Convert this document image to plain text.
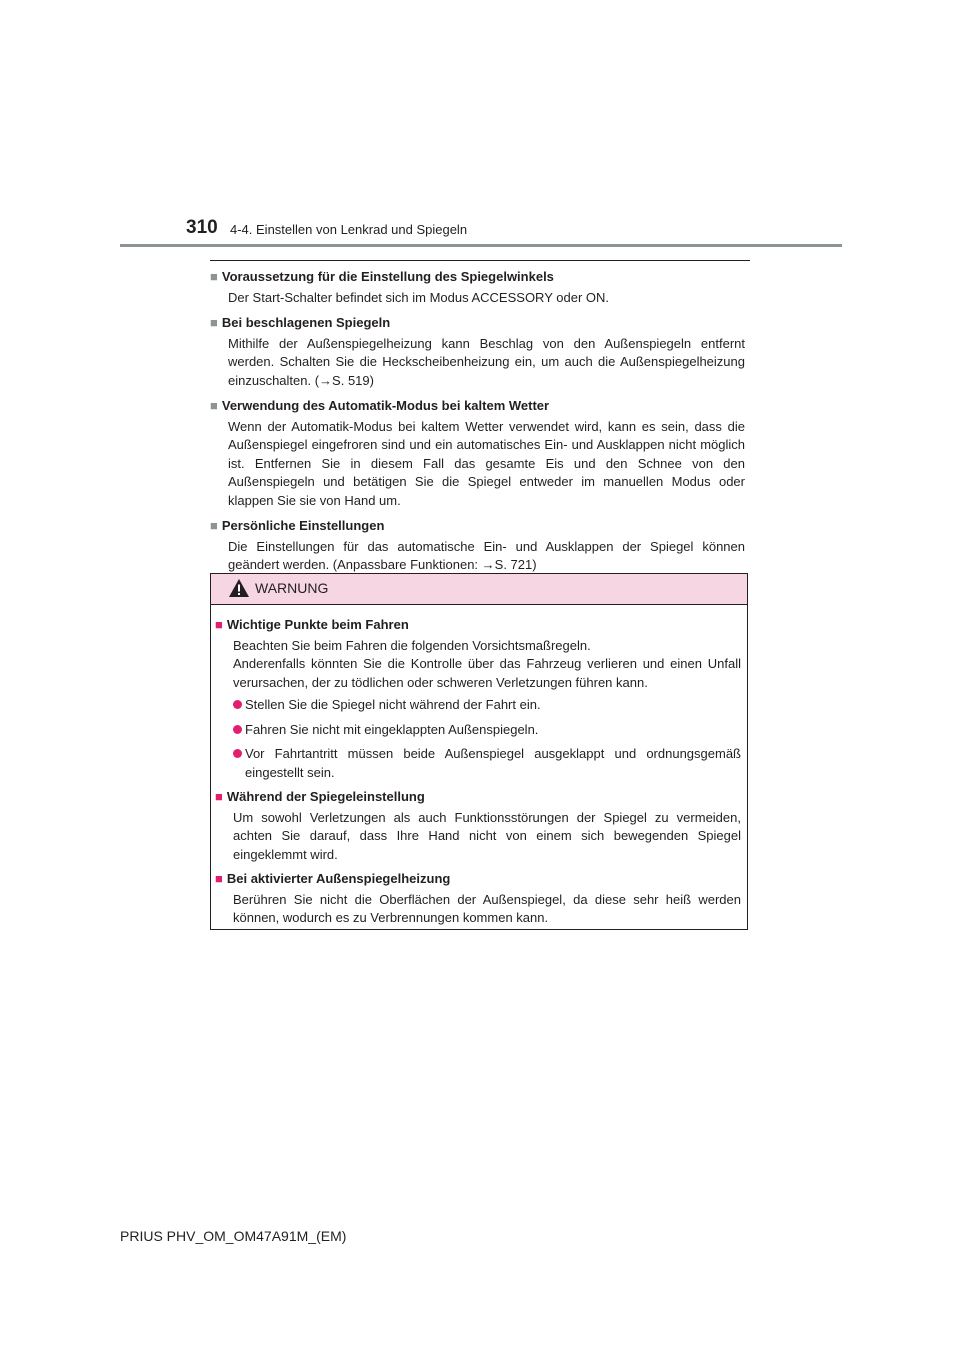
310 4-4. Einstellen von Lenkrad und Spiegeln

■ Voraussetzung für die Einstellung des Spiegelwinkels

Der Start-Schalter befindet sich im Modus ACCESSORY oder ON.

■ Bei beschlagenen Spiegeln

Mithilfe der Außenspiegelheizung kann Beschlag von den Außenspiegeln entfernt werden. Schalten Sie die Heckscheibenheizung ein, um auch die Außenspiegelheizung einzuschalten. (→S. 519)

■ Verwendung des Automatik-Modus bei kaltem Wetter

Wenn der Automatik-Modus bei kaltem Wetter verwendet wird, kann es sein, dass die Außenspiegel eingefroren sind und ein automatisches Ein- und Ausklappen nicht möglich ist. Entfernen Sie in diesem Fall das gesamte Eis und den Schnee von den Außenspiegeln und betätigen Sie die Spiegel entweder im manuellen Modus oder klappen Sie sie von Hand um.

■ Persönliche Einstellungen

Die Einstellungen für das automatische Ein- und Ausklappen der Spiegel können geändert werden. (Anpassbare Funktionen: →S. 721)

WARNUNG

■ Wichtige Punkte beim Fahren

Beachten Sie beim Fahren die folgenden Vorsichtsmaßregeln.

Anderenfalls könnten Sie die Kontrolle über das Fahrzeug verlieren und einen Unfall verursachen, der zu tödlichen oder schweren Verletzungen führen kann.

Stellen Sie die Spiegel nicht während der Fahrt ein.
Fahren Sie nicht mit eingeklappten Außenspiegeln.
Vor Fahrtantritt müssen beide Außenspiegel ausgeklappt und ordnungsgemäß eingestellt sein.

■ Während der Spiegeleinstellung

Um sowohl Verletzungen als auch Funktionsstörungen der Spiegel zu vermeiden, achten Sie darauf, dass Ihre Hand nicht von einem sich bewegenden Spiegel eingeklemmt wird.

■ Bei aktivierter Außenspiegelheizung

Berühren Sie nicht die Oberflächen der Außenspiegel, da diese sehr heiß werden können, wodurch es zu Verbrennungen kommen kann.

PRIUS PHV_OM_OM47A91M_(EM)
